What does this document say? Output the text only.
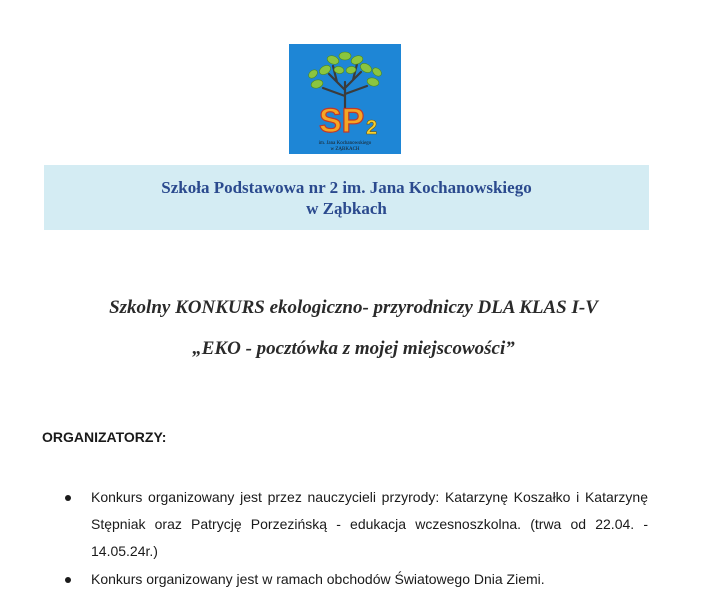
SP 2
im. Jana Kochanowskiego
w ZĄBKACH
Szkoła Podstawowa nr 2 im. Jana Kochanowskiego
w Ząbkach
Szkolny KONKURS ekologiczno- przyrodniczy DLA KLAS I-V
„EKO - pocztówka z mojej miejscowości”
ORGANIZATORZY:
Konkurs organizowany jest przez nauczycieli przyrody: Katarzynę Koszałko i Katarzynę Stępniak oraz Patrycję Porzezińską - edukacja wczesnoszkolna. (trwa od 22.04. - 14.05.24r.)
Konkurs organizowany jest w ramach obchodów Światowego Dnia Ziemi.
